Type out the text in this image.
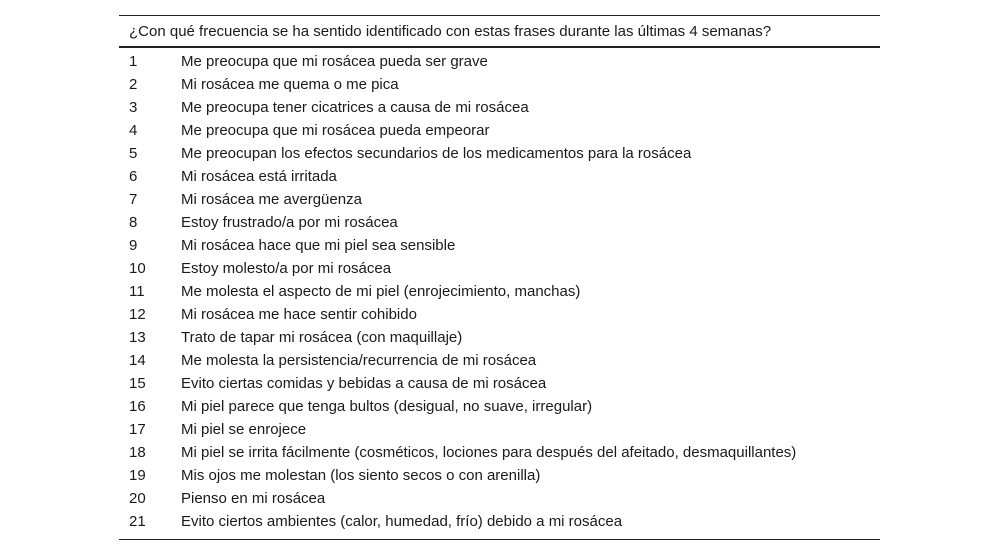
¿Con qué frecuencia se ha sentido identificado con estas frases durante las últimas 4 semanas?
1	Me preocupa que mi rosácea pueda ser grave
2	Mi rosácea me quema o me pica
3	Me preocupa tener cicatrices a causa de mi rosácea
4	Me preocupa que mi rosácea pueda empeorar
5	Me preocupan los efectos secundarios de los medicamentos para la rosácea
6	Mi rosácea está irritada
7	Mi rosácea me avergüenza
8	Estoy frustrado/a por mi rosácea
9	Mi rosácea hace que mi piel sea sensible
10	Estoy molesto/a por mi rosácea
11	Me molesta el aspecto de mi piel (enrojecimiento, manchas)
12	Mi rosácea me hace sentir cohibido
13	Trato de tapar mi rosácea (con maquillaje)
14	Me molesta la persistencia/recurrencia de mi rosácea
15	Evito ciertas comidas y bebidas a causa de mi rosácea
16	Mi piel parece que tenga bultos (desigual, no suave, irregular)
17	Mi piel se enrojece
18	Mi piel se irrita fácilmente (cosméticos, lociones para después del afeitado, desmaquillantes)
19	Mis ojos me molestan (los siento secos o con arenilla)
20	Pienso en mi rosácea
21	Evito ciertos ambientes (calor, humedad, frío) debido a mi rosácea
